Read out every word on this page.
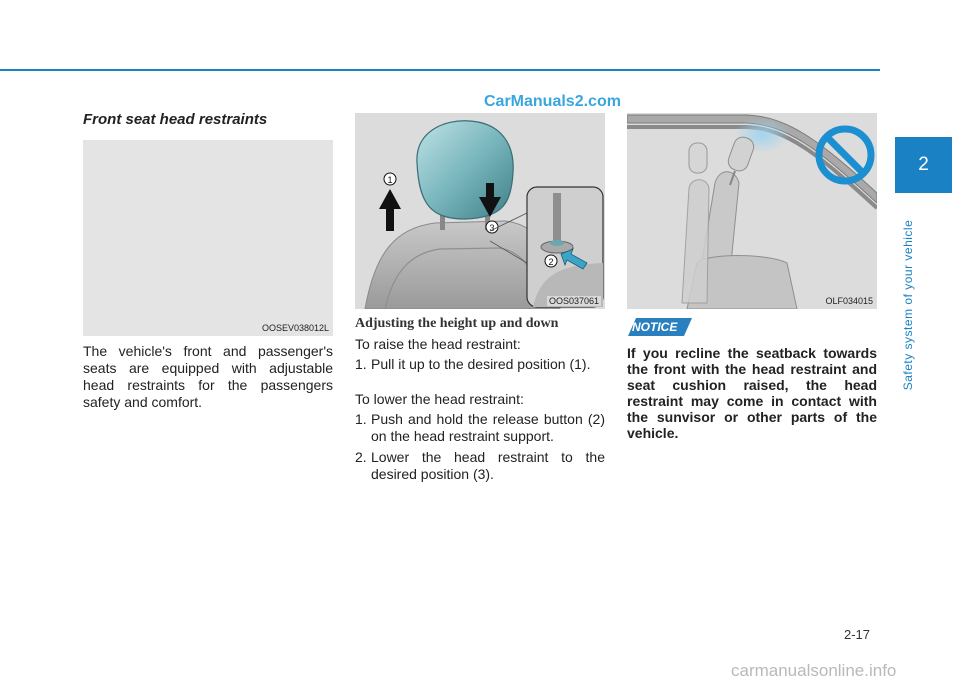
CarManuals2.com
Front seat head restraints
OOSEV038012L

The vehicle's front and passenger's seats are equipped with adjustable head restraints for the passengers safety and comfort.

1
3
2
OOS037061
Adjusting the height up and down

To raise the head restraint:

1. Pull it up to the desired position (1).

To lower the head restraint:

1. Push and hold the release button (2) on the head restraint support.
2. Lower the head restraint to the desired position (3).
OLF034015
NOTICE
If you recline the seatback towards the front with the head restraint and seat cushion raised, the head restraint may come in contact with the sunvisor or other parts of the vehicle.
2
Safety system of your vehicle
2-17
carmanualsonline.info
